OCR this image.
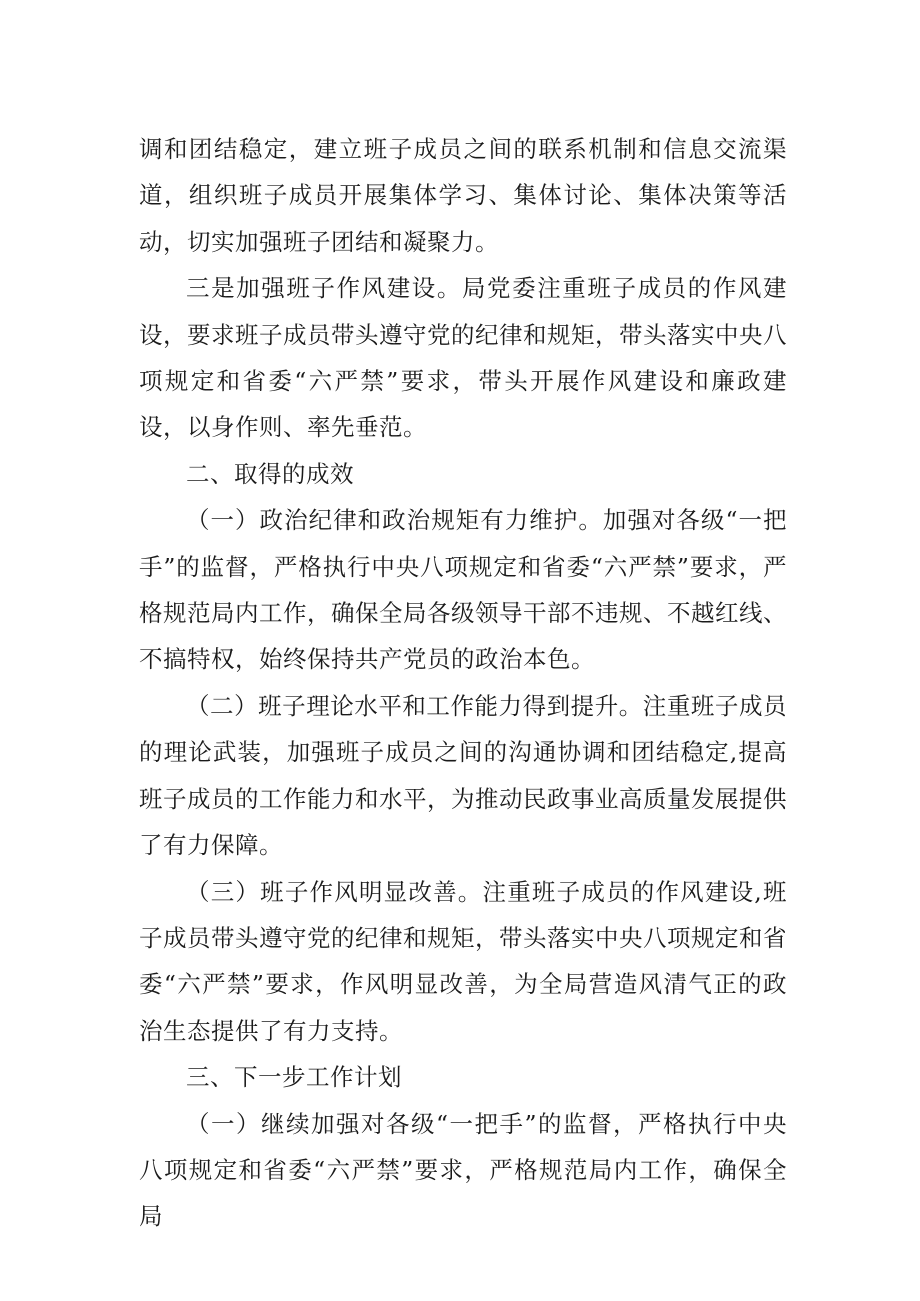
调和团结稳定，建立班子成员之间的联系机制和信息交流渠道，组织班子成员开展集体学习、集体讨论、集体决策等活动，切实加强班子团结和凝聚力。

三是加强班子作风建设。局党委注重班子成员的作风建设，要求班子成员带头遵守党的纪律和规矩，带头落实中央八项规定和省委“六严禁”要求，带头开展作风建设和廉政建设，以身作则、率先垂范。

二、取得的成效

（一）政治纪律和政治规矩有力维护。加强对各级“一把手”的监督，严格执行中央八项规定和省委“六严禁”要求，严格规范局内工作，确保全局各级领导干部不违规、不越红线、不搞特权，始终保持共产党员的政治本色。

（二）班子理论水平和工作能力得到提升。注重班子成员的理论武装，加强班子成员之间的沟通协调和团结稳定,提高班子成员的工作能力和水平，为推动民政事业高质量发展提供了有力保障。

（三）班子作风明显改善。注重班子成员的作风建设,班子成员带头遵守党的纪律和规矩，带头落实中央八项规定和省委“六严禁”要求，作风明显改善，为全局营造风清气正的政治生态提供了有力支持。

三、下一步工作计划

（一）继续加强对各级“一把手”的监督，严格执行中央八项规定和省委“六严禁”要求，严格规范局内工作，确保全局
